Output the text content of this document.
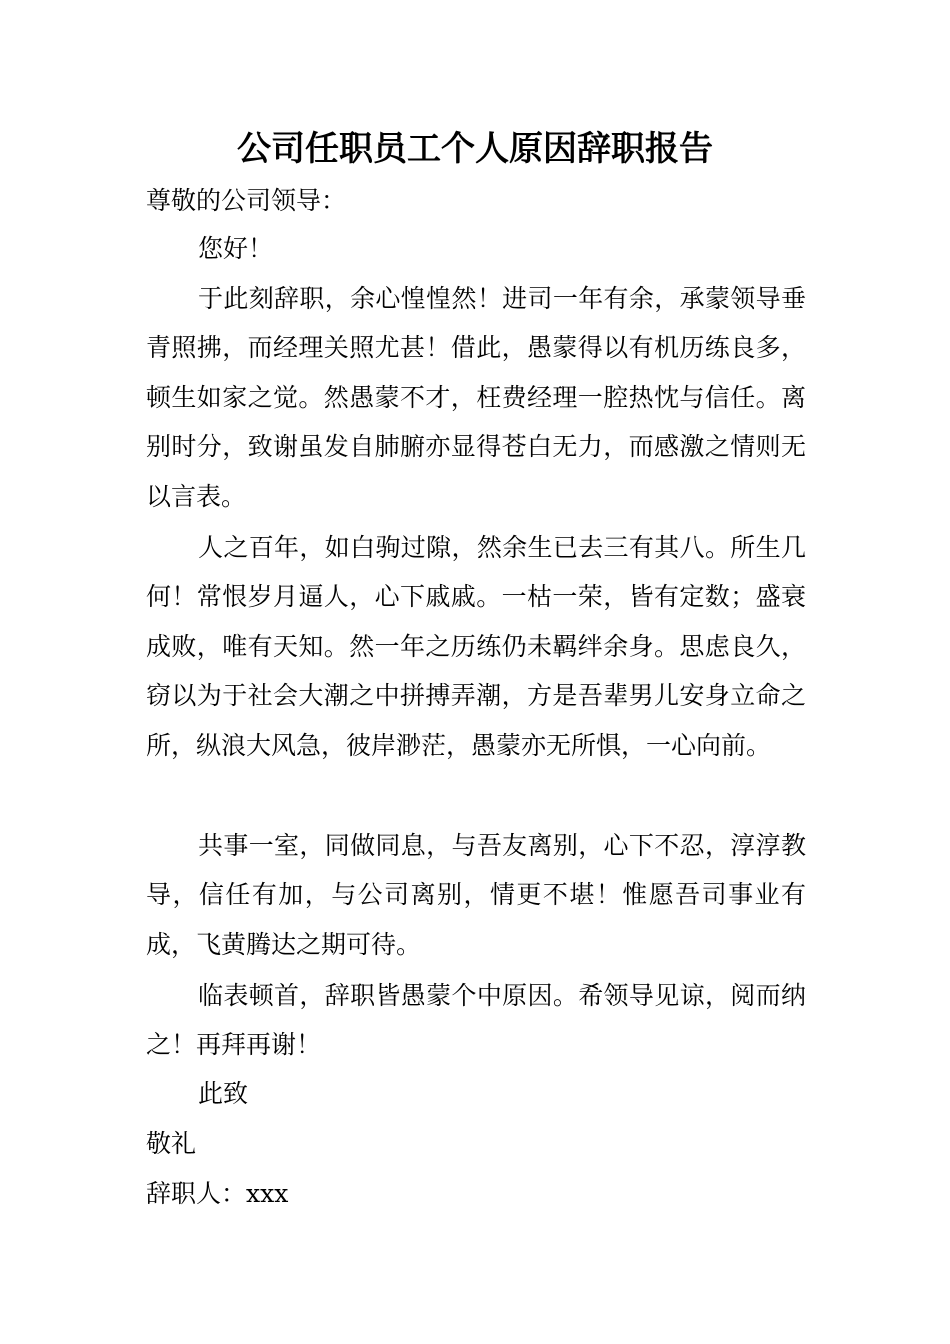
公司任职员工个人原因辞职报告
尊敬的公司领导：
您好！
于此刻辞职，余心惶惶然！进司一年有余，承蒙领导垂青照拂，而经理关照尤甚！借此，愚蒙得以有机历练良多，顿生如家之觉。然愚蒙不才，枉费经理一腔热忱与信任。离别时分，致谢虽发自肺腑亦显得苍白无力，而感激之情则无以言表。
人之百年，如白驹过隙，然余生已去三有其八。所生几何！常恨岁月逼人，心下戚戚。一枯一荣，皆有定数；盛衰成败，唯有天知。然一年之历练仍未羁绊余身。思虑良久，窃以为于社会大潮之中拼搏弄潮，方是吾辈男儿安身立命之所，纵浪大风急，彼岸渺茫，愚蒙亦无所惧，一心向前。
共事一室，同做同息，与吾友离别，心下不忍，淳淳教导，信任有加，与公司离别，情更不堪！惟愿吾司事业有成，飞黄腾达之期可待。
临表顿首，辞职皆愚蒙个中原因。希领导见谅，阅而纳之！再拜再谢！
此致
敬礼
辞职人：xxx
